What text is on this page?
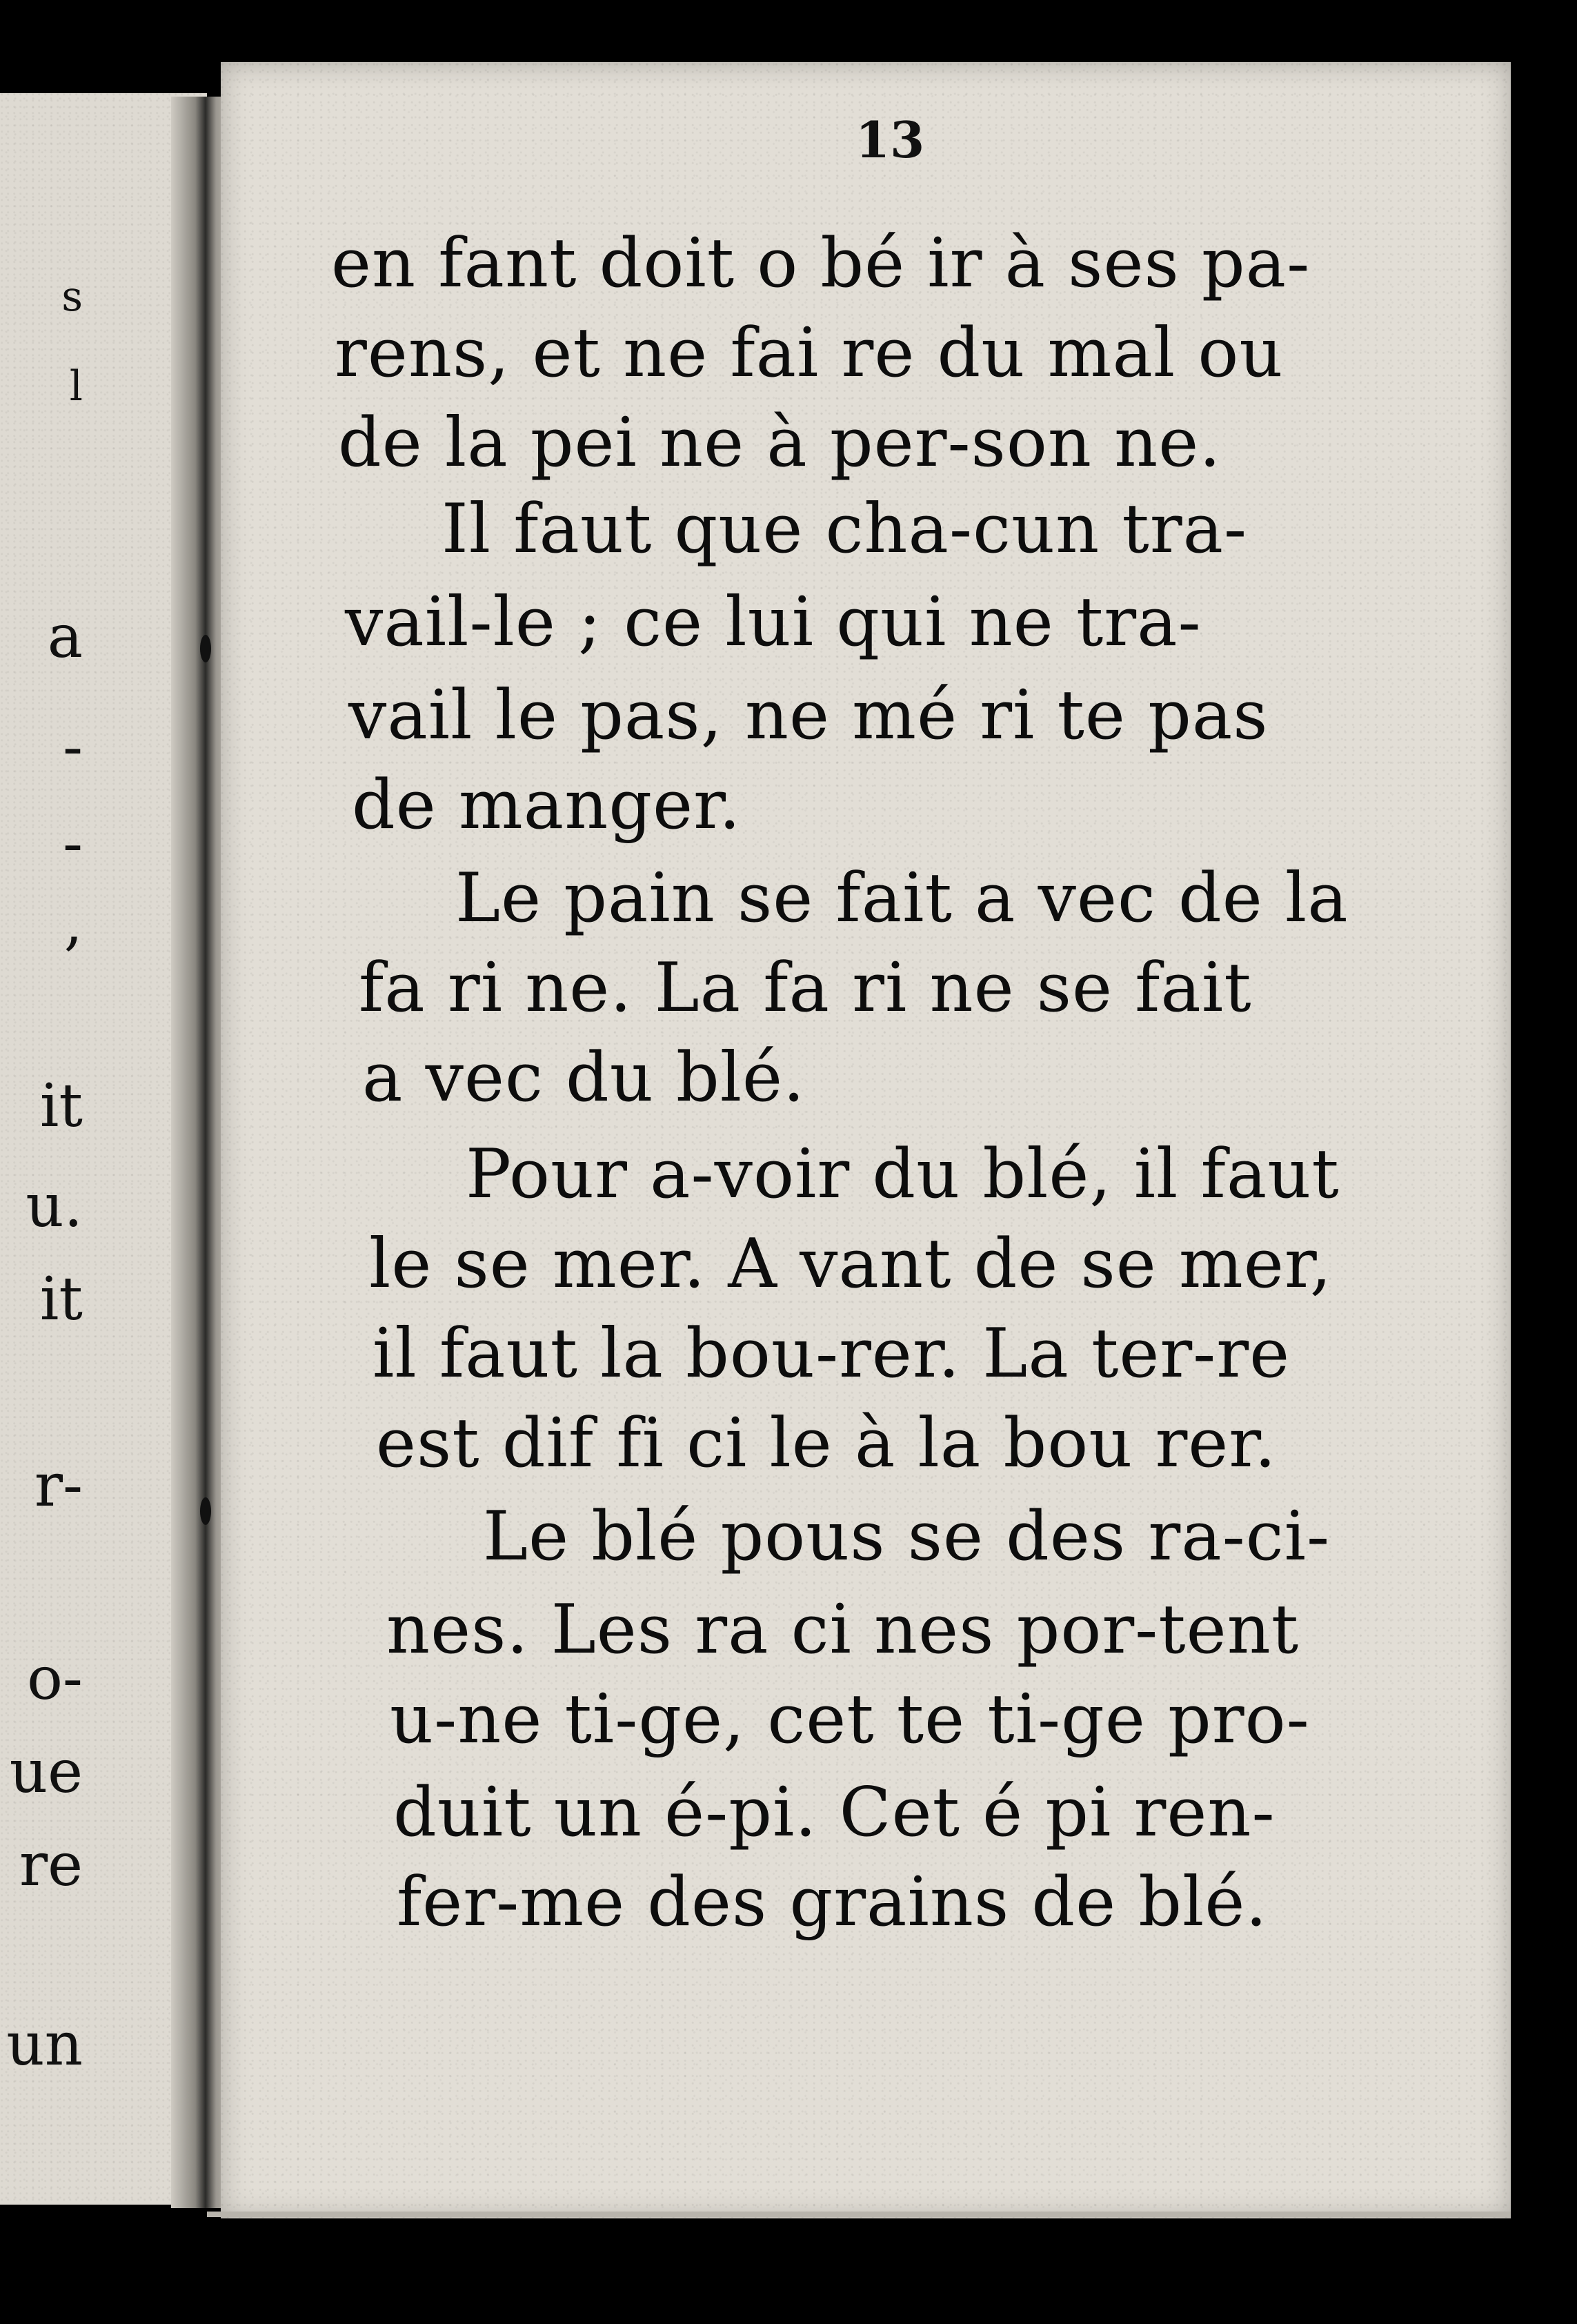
s
l
a
-
-
,
it
u.
it
r-
o-
ue
re
un
13
en fant doit o bé ir à ses pa-
rens, et ne fai re du mal ou
de la pei ne à per-son ne.
Il faut que cha-cun tra-
vail-le ; ce lui qui ne tra-
vail le pas, ne mé ri te pas
de manger.
Le pain se fait a vec de la
fa ri ne. La fa ri ne se fait
a vec du blé.
Pour a-voir du blé, il faut
le se mer. A vant de se mer,
il faut la bou-rer. La ter-re
est dif fi ci le à la bou rer.
Le blé pous se des ra-ci-
nes. Les ra ci nes por-tent
u-ne ti-ge, cet te ti-ge pro-
duit un é-pi. Cet é pi ren-
fer-me des grains de blé.
